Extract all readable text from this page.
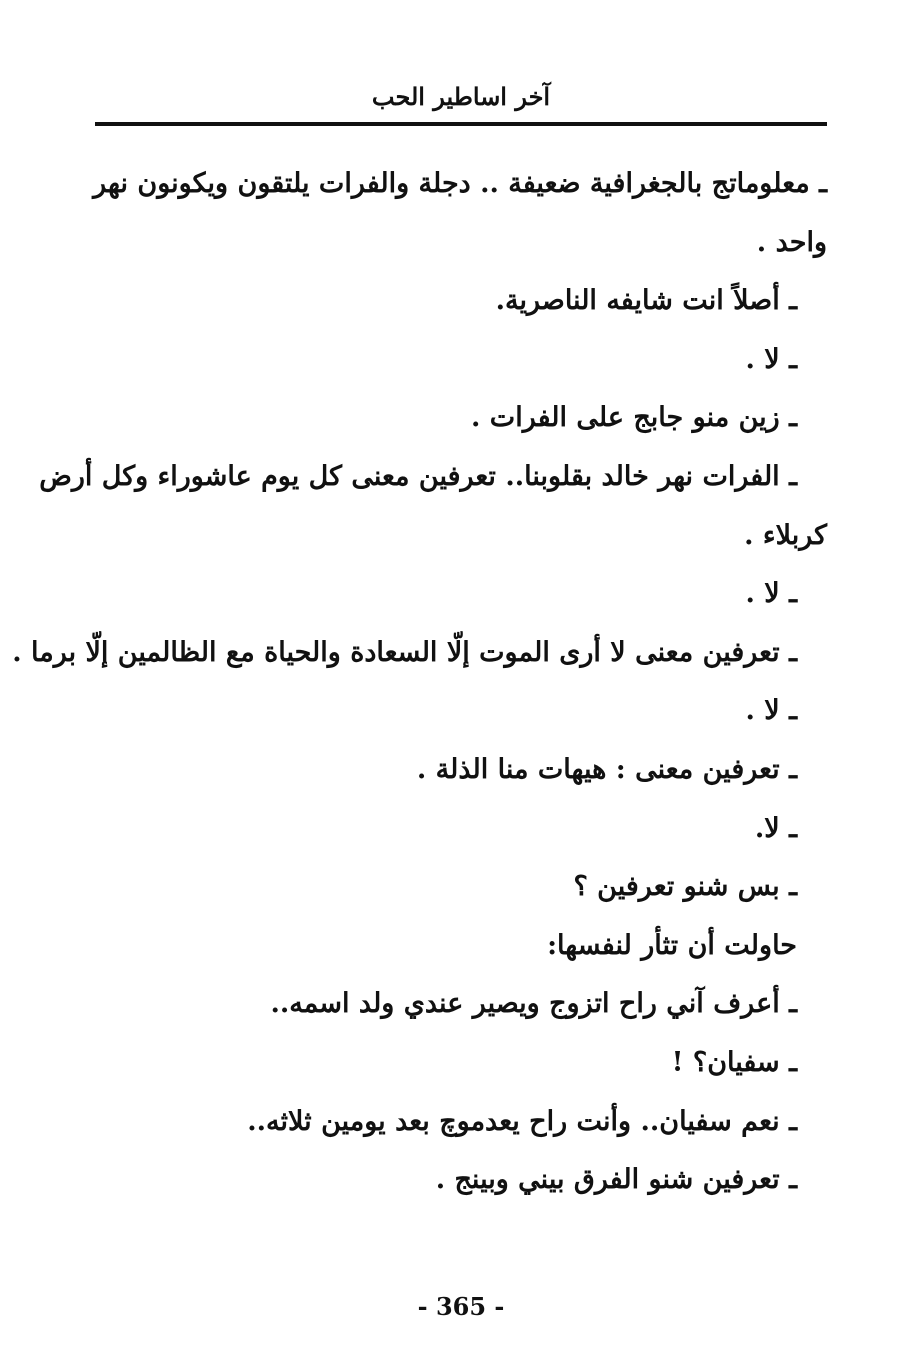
آخر اساطير الحب
ـ معلوماتج بالجغرافية ضعيفة .. دجلة والفرات يلتقون ويكونون نهر
واحد .
ـ أصلاً انت شايفه الناصرية.
ـ لا .
ـ زين منو جابج على الفرات .
ـ الفرات نهر خالد بقلوبنا.. تعرفين معنى كل يوم عاشوراء وكل أرض
كربلاء .
ـ لا .
ـ تعرفين معنى لا أرى الموت إلّا السعادة والحياة مع الظالمين إلّا برما .
ـ لا .
ـ تعرفين معنى : هيهات منا الذلة .
ـ لا.
ـ بس شنو تعرفين ؟
حاولت أن تثأر لنفسها:
ـ أعرف آني راح اتزوج ويصير عندي ولد اسمه..
ـ سفيان؟ !
ـ نعم سفيان.. وأنت راح يعدموچ بعد يومين ثلاثه..
ـ تعرفين شنو الفرق بيني وبينج .
- 365 -
